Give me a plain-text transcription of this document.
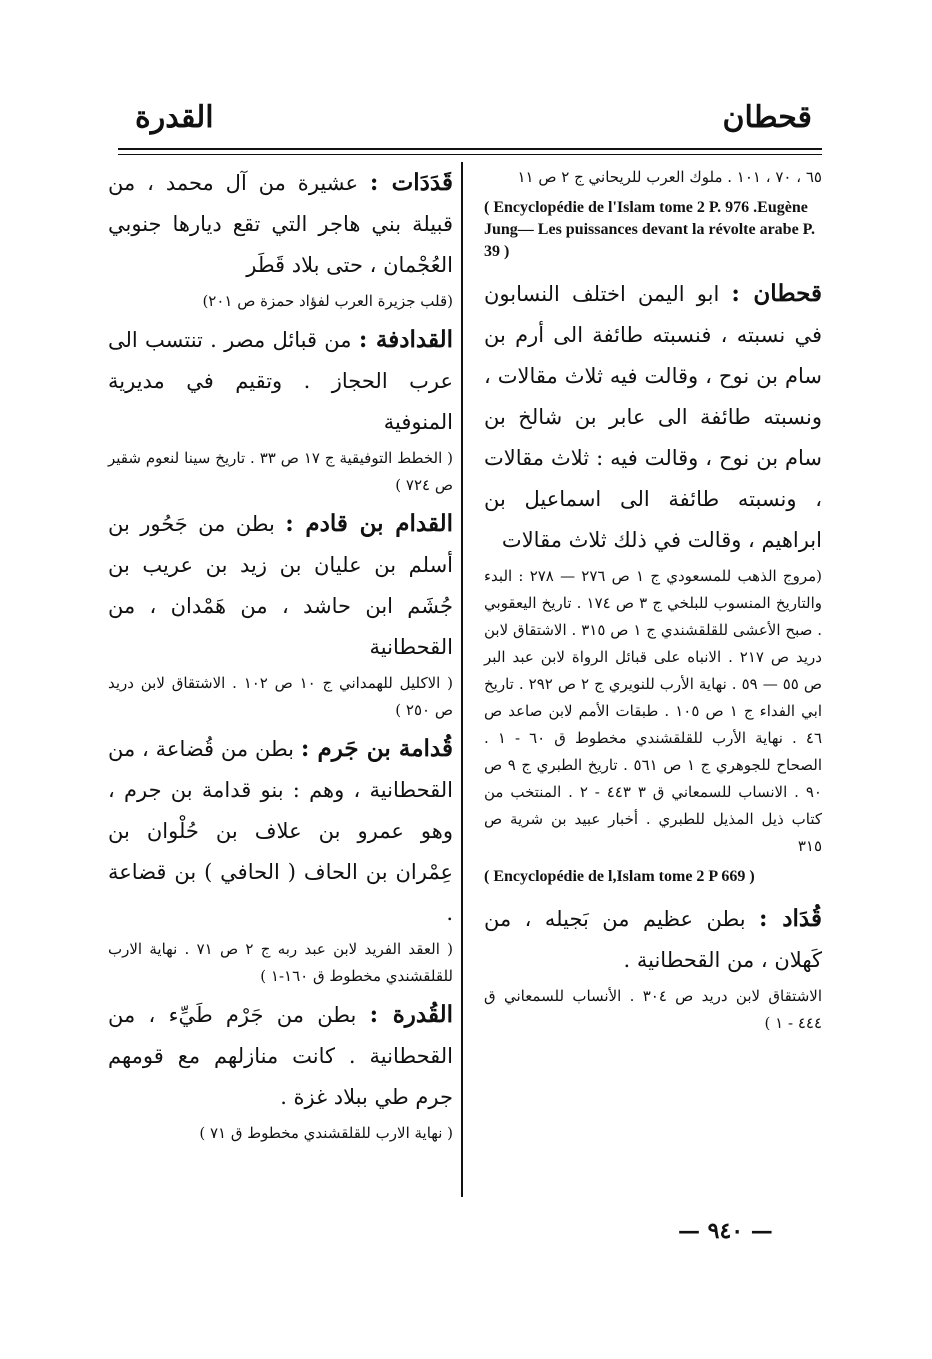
قحطان
القدرة

٦٥ ، ٧٠ ، ١٠١ . ملوك العرب للريحاني ج ٢ ص ١١

( Encyclopédie de l'Islam tome 2 P. 976 .Eugène Jung— Les puissances devant la révolte arabe P. 39 )

قحطان : ابو اليمن اختلف النسابون في نسبته ، فنسبته طائفة الى أرم بن سام بن نوح ، وقالت فيه ثلاث مقالات ، ونسبته طائفة الى عابر بن شالخ بن سام بن نوح ، وقالت فيه : ثلاث مقالات ، ونسبته طائفة الى اسماعيل بن ابراهيم ، وقالت في ذلك ثلاث مقالات

(مروج الذهب للمسعودي ج ١ ص ٢٧٦ — ٢٧٨ : البدء والتاريخ المنسوب للبلخي ج ٣ ص ١٧٤ . تاريخ اليعقوبي . صبح الأعشى للقلقشندي ج ١ ص ٣١٥ . الاشتقاق لابن دريد ص ٢١٧ . الانباه على قبائل الرواة لابن عبد البر ص ٥٥ — ٥٩ . نهاية الأرب للنويري ج ٢ ص ٢٩٢ . تاريخ ابي الفداء ج ١ ص ١٠٥ . طبقات الأمم لابن صاعد ص ٤٦ . نهاية الأرب للقلقشندي مخطوط ق ٦٠ - ١ . الصحاح للجوهري ج ١ ص ٥٦١ . تاريخ الطبري ج ٩ ص ٩٠ . الانساب للسمعاني ق ٣ ٤٤٣ - ٢ . المنتخب من كتاب ذيل المذيل للطبري . أخبار عبيد بن شرية ص ٣١٥

( Encyclopédie de l,Islam tome 2 P 669 )

قُدَاد : بطن عظيم من بَجيله ، من كَهلان ، من القحطانية .

الاشتقاق لابن دريد ص ٣٠٤ . الأنساب للسمعاني ق ٤٤٤ - ١ )

قَدَدَات : عشيرة من آل محمد ، من قبيلة بني هاجر التي تقع ديارها جنوبي العُجْمان ، حتى بلاد قَطَر

(قلب جزيرة العرب لفؤاد حمزة ص ٢٠١)

القدادفة : من قبائل مصر . تنتسب الى عرب الحجاز . وتقيم في مديرية المنوفية

( الخطط التوفيقية ج ١٧ ص ٣٣ . تاريخ سينا لنعوم شقير ص ٧٢٤ )

القدام بن قادم : بطن من جَحُور بن أسلم بن عليان بن زيد بن عريب بن جُشَم ابن حاشد ، من هَمْدان ، من القحطانية

( الاكليل للهمداني ج ١٠ ص ١٠٢ . الاشتقاق لابن دريد ص ٢٥٠ )

قُدامة بن جَرم : بطن من قُضاعة ، من القحطانية ، وهم : بنو قدامة بن جرم ، وهو عمرو بن علاف بن حُلْوان بن عِمْران بن الحاف ( الحافي ) بن قضاعة .

( العقد الفريد لابن عبد ربه ج ٢ ص ٧١ . نهاية الارب للقلقشندي مخطوط ق ١٦٠-١ )

القُدرة : بطن من جَرْم طَيِّء ، من القحطانية . كانت منازلهم مع قومهم جرم طي ببلاد غزة .

( نهاية الارب للقلقشندي مخطوط ق ٧١ )

— ٩٤٠ —
